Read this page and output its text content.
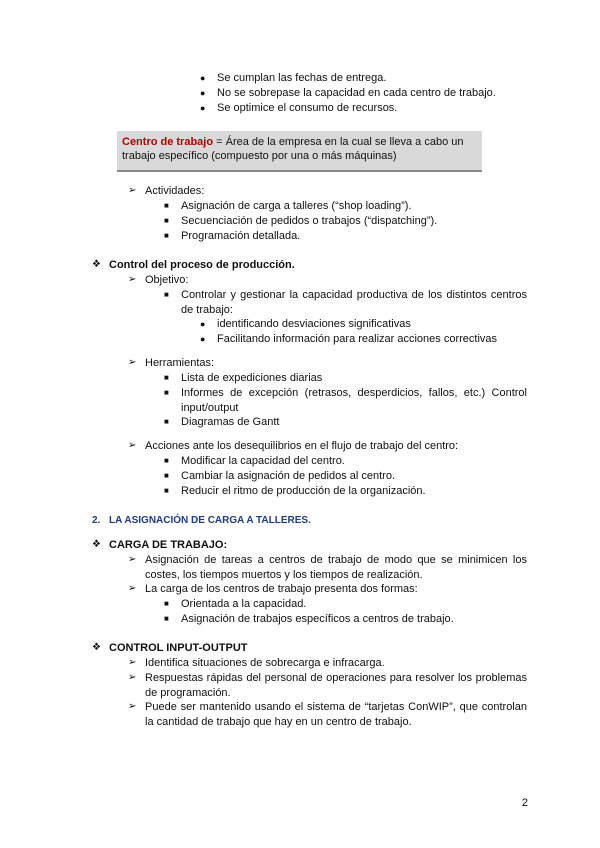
● Se cumplan las fechas de entrega.
● No se sobrepase la capacidad en cada centro de trabajo.
● Se optimice el consumo de recursos.
Centro de trabajo = Área de la empresa en la cual se lleva a cabo un trabajo específico (compuesto por una o más máquinas)
➢ Actividades:
■ Asignación de carga a talleres (“shop loading”).
■ Secuenciación de pedidos o trabajos (“dispatching”).
■ Programación detallada.
❖ Control del proceso de producción.
➢ Objetivo:
■ Controlar y gestionar la capacidad productiva de los distintos centros
de trabajo:
● identificando desviaciones significativas
● Facilitando información para realizar acciones correctivas
➢ Herramientas:
■ Lista de expediciones diarias
■ Informes de excepción (retrasos, desperdicios, fallos, etc.) Control
input/output
■ Diagramas de Gantt
➢ Acciones ante los desequilibrios en el flujo de trabajo del centro:
■ Modificar la capacidad del centro.
■ Cambiar la asignación de pedidos al centro.
■ Reducir el ritmo de producción de la organización.
2. LA ASIGNACIÓN DE CARGA A TALLERES.
❖ CARGA DE TRABAJO:
➢ Asignación de tareas a centros de trabajo de modo que se minimicen los
costes, los tiempos muertos y los tiempos de realización.
➢ La carga de los centros de trabajo presenta dos formas:
■ Orientada a la capacidad.
■ Asignación de trabajos específicos a centros de trabajo.
❖ CONTROL INPUT-OUTPUT
➢ Identifica situaciones de sobrecarga e infracarga.
➢ Respuestas rápidas del personal de operaciones para resolver los problemas
de programación.
➢ Puede ser mantenido usando el sistema de “tarjetas ConWIP”, que controlan
la cantidad de trabajo que hay en un centro de trabajo.
2
